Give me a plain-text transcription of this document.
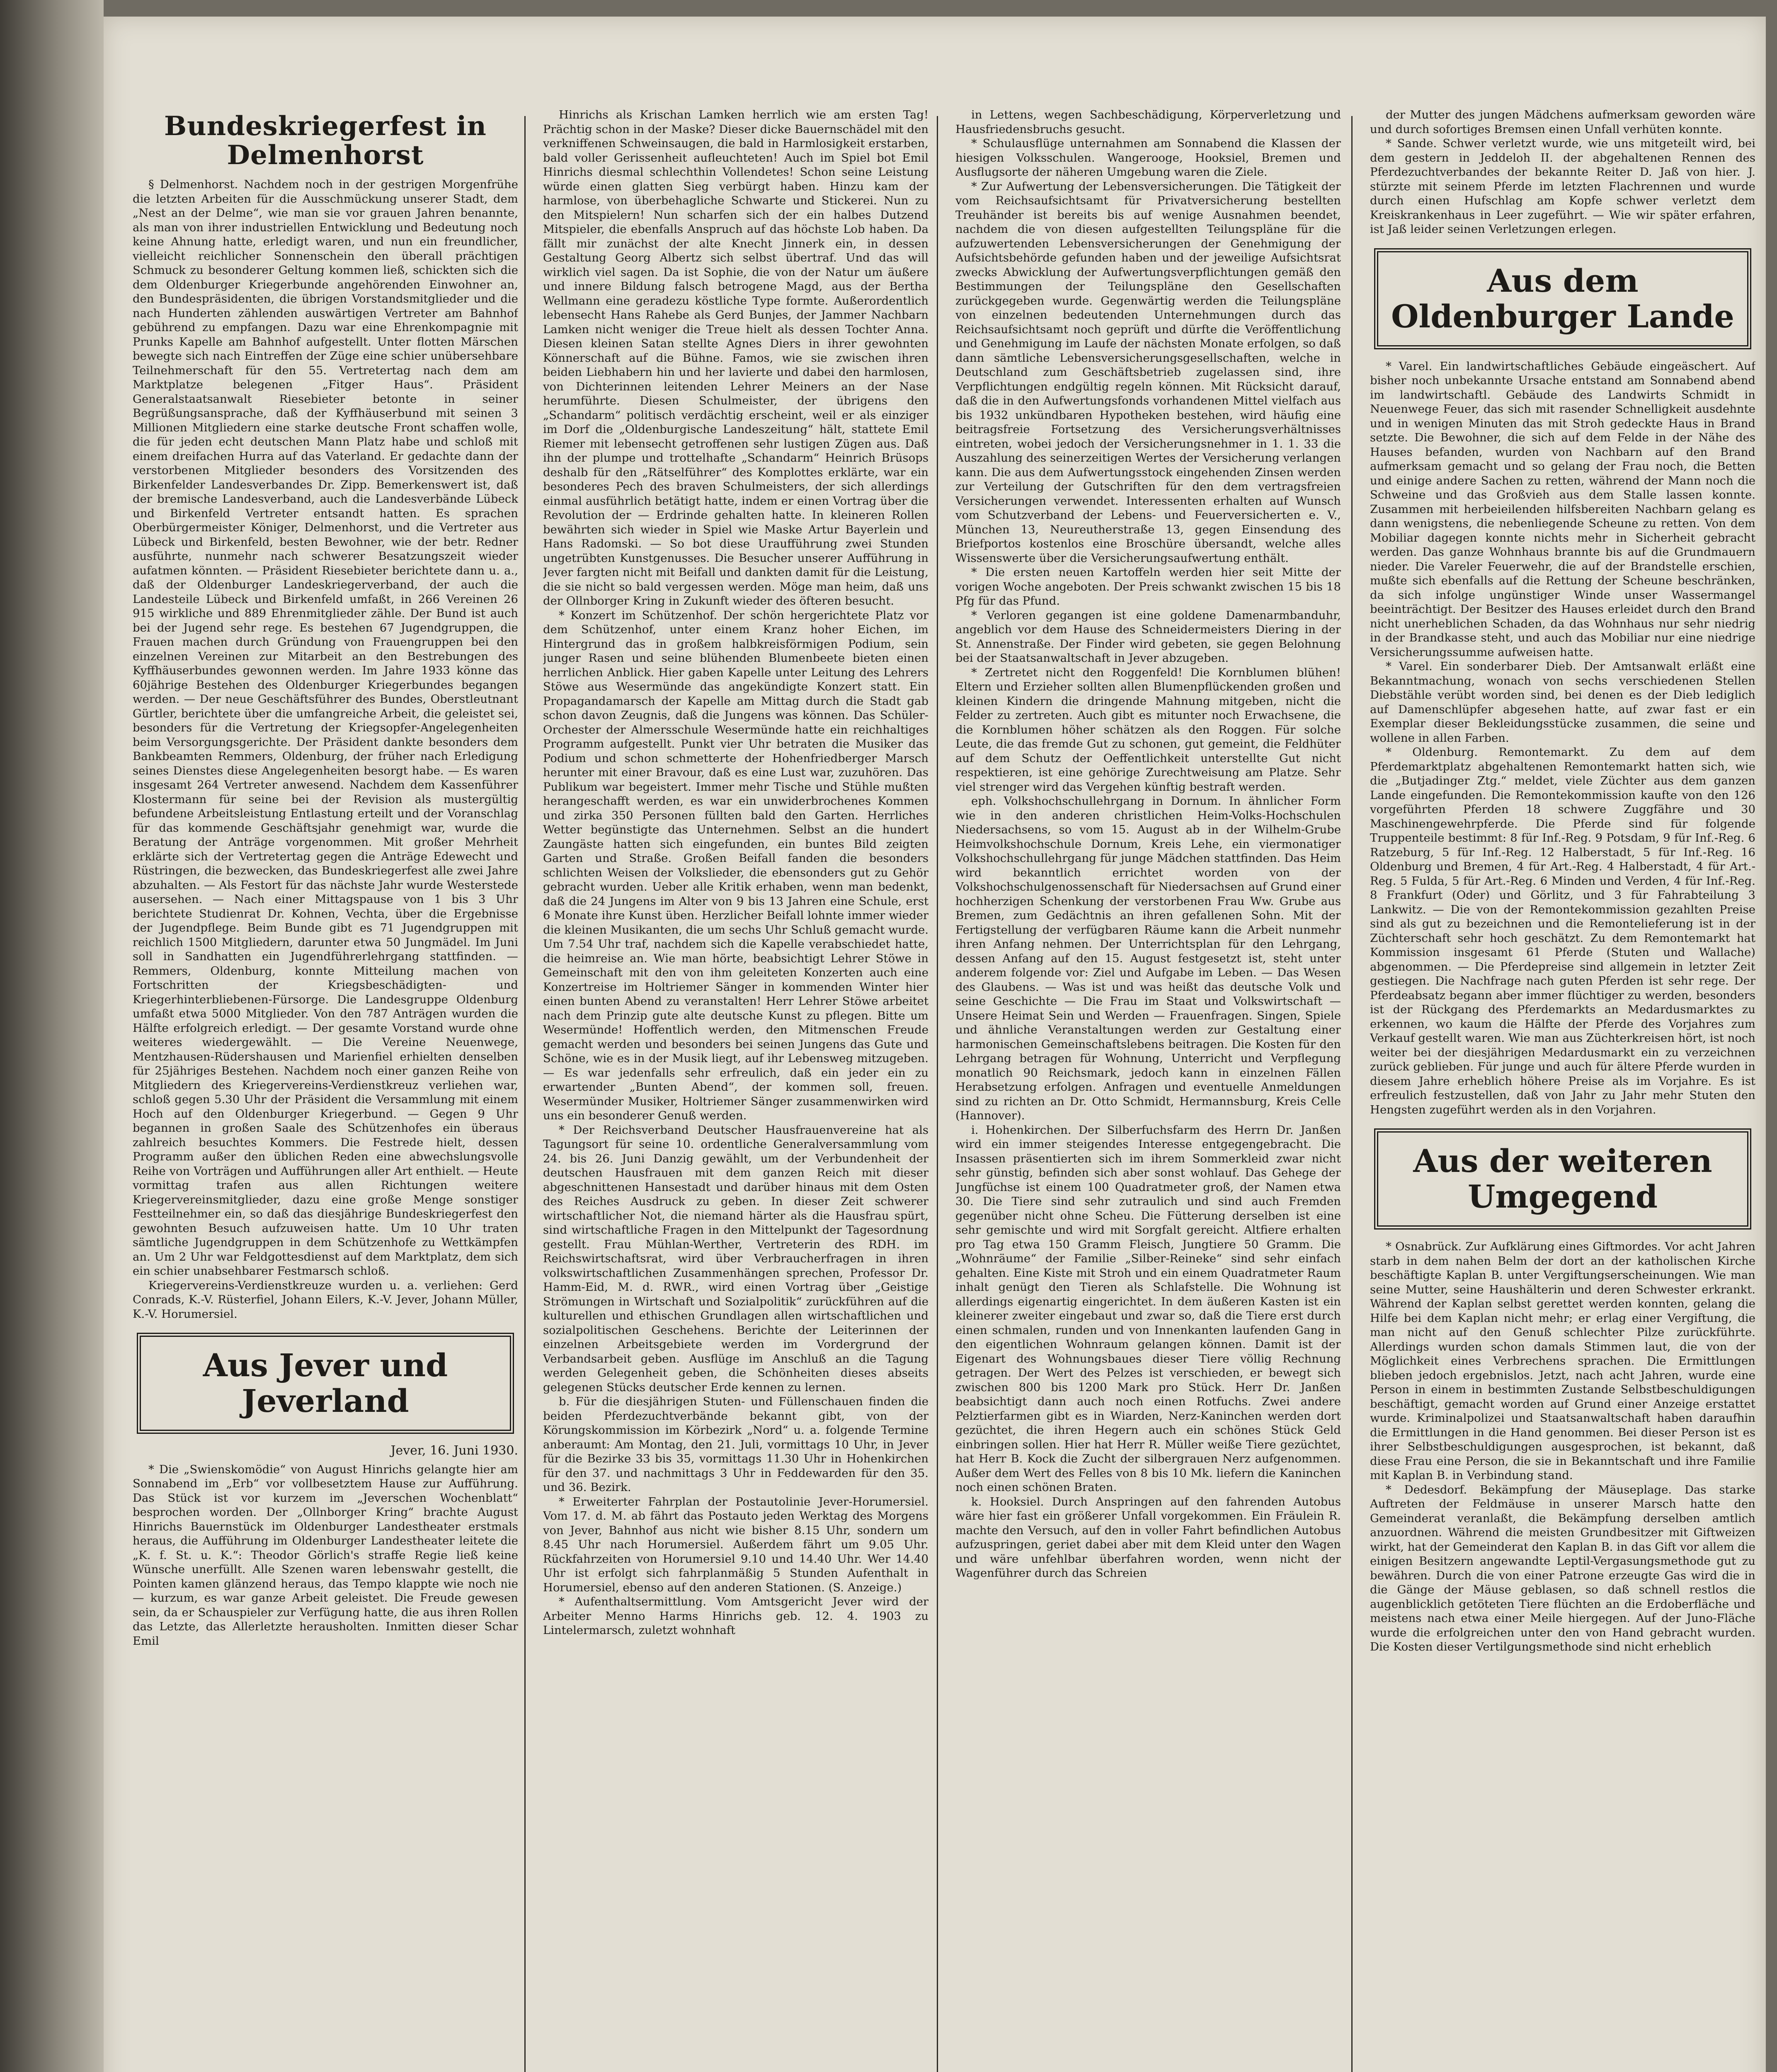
Bundeskriegerfest in Delmenhorst

§ Delmenhorst. Nachdem noch in der gestrigen Morgenfrühe die letzten Arbeiten für die Ausschmückung unserer Stadt, dem „Nest an der Delme“, wie man sie vor grauen Jahren benannte, als man von ihrer industriellen Entwicklung und Bedeutung noch keine Ahnung hatte, erledigt waren, und nun ein freundlicher, vielleicht reichlicher Sonnenschein den überall prächtigen Schmuck zu besonderer Geltung kommen ließ, schickten sich die dem Oldenburger Kriegerbunde angehörenden Einwohner an, den Bundespräsidenten, die übrigen Vorstandsmitglieder und die nach Hunderten zählenden auswärtigen Vertreter am Bahnhof gebührend zu empfangen. Dazu war eine Ehrenkompagnie mit Prunks Kapelle am Bahnhof aufgestellt. Unter flotten Märschen bewegte sich nach Eintreffen der Züge eine schier unübersehbare Teilnehmerschaft für den 55. Vertretertag nach dem am Marktplatze belegenen „Fitger Haus“. Präsident Generalstaatsanwalt Riesebieter betonte in seiner Begrüßungsansprache, daß der Kyffhäuserbund mit seinen 3 Millionen Mitgliedern eine starke deutsche Front schaffen wolle, die für jeden echt deutschen Mann Platz habe und schloß mit einem dreifachen Hurra auf das Vaterland. Er gedachte dann der verstorbenen Mitglieder besonders des Vorsitzenden des Birkenfelder Landesverbandes Dr. Zipp. Bemerkenswert ist, daß der bremische Landesverband, auch die Landesverbände Lübeck und Birkenfeld Vertreter entsandt hatten. Es sprachen Oberbürgermeister Königer, Delmenhorst, und die Vertreter aus Lübeck und Birkenfeld, besten Bewohner, wie der betr. Redner ausführte, nunmehr nach schwerer Besatzungszeit wieder aufatmen könnten. — Präsident Riesebieter berichtete dann u. a., daß der Oldenburger Landeskriegerverband, der auch die Landesteile Lübeck und Birkenfeld umfaßt, in 266 Vereinen 26 915 wirkliche und 889 Ehrenmitglieder zähle. Der Bund ist auch bei der Jugend sehr rege. Es bestehen 67 Jugendgruppen, die Frauen machen durch Gründung von Frauengruppen bei den einzelnen Vereinen zur Mitarbeit an den Bestrebungen des Kyffhäuserbundes gewonnen werden. Im Jahre 1933 könne das 60jährige Bestehen des Oldenburger Kriegerbundes begangen werden. — Der neue Geschäftsführer des Bundes, Oberstleutnant Gürtler, berichtete über die umfangreiche Arbeit, die geleistet sei, besonders für die Vertretung der Kriegsopfer-Angelegenheiten beim Versorgungsgerichte. Der Präsident dankte besonders dem Bankbeamten Remmers, Oldenburg, der früher nach Erledigung seines Dienstes diese Angelegenheiten besorgt habe. — Es waren insgesamt 264 Vertreter anwesend. Nachdem dem Kassenführer Klostermann für seine bei der Revision als mustergültig befundene Arbeitsleistung Entlastung erteilt und der Voranschlag für das kommende Geschäftsjahr genehmigt war, wurde die Beratung der Anträge vorgenommen. Mit großer Mehrheit erklärte sich der Vertretertag gegen die Anträge Edewecht und Rüstringen, die bezwecken, das Bundeskriegerfest alle zwei Jahre abzuhalten. — Als Festort für das nächste Jahr wurde Westerstede ausersehen. — Nach einer Mittagspause von 1 bis 3 Uhr berichtete Studienrat Dr. Kohnen, Vechta, über die Ergebnisse der Jugendpflege. Beim Bunde gibt es 71 Jugendgruppen mit reichlich 1500 Mitgliedern, darunter etwa 50 Jungmädel. Im Juni soll in Sandhatten ein Jugendführerlehrgang stattfinden. — Remmers, Oldenburg, konnte Mitteilung machen von Fortschritten der Kriegsbeschädigten- und Kriegerhinterbliebenen-Fürsorge. Die Landesgruppe Oldenburg umfaßt etwa 5000 Mitglieder. Von den 787 Anträgen wurden die Hälfte erfolgreich erledigt. — Der gesamte Vorstand wurde ohne weiteres wiedergewählt. — Die Vereine Neuenwege, Mentzhausen-Rüdershausen und Marienfiel erhielten denselben für 25jähriges Bestehen. Nachdem noch einer ganzen Reihe von Mitgliedern des Kriegervereins-Verdienstkreuz verliehen war, schloß gegen 5.30 Uhr der Präsident die Versammlung mit einem Hoch auf den Oldenburger Kriegerbund. — Gegen 9 Uhr begannen in großen Saale des Schützenhofes ein überaus zahlreich besuchtes Kommers. Die Festrede hielt, dessen Programm außer den üblichen Reden eine abwechslungsvolle Reihe von Vorträgen und Aufführungen aller Art enthielt. — Heute vormittag trafen aus allen Richtungen weitere Kriegervereinsmitglieder, dazu eine große Menge sonstiger Festteilnehmer ein, so daß das diesjährige Bundeskriegerfest den gewohnten Besuch aufzuweisen hatte. Um 10 Uhr traten sämtliche Jugendgruppen in dem Schützenhofe zu Wettkämpfen an. Um 2 Uhr war Feldgottesdienst auf dem Marktplatz, dem sich ein schier unabsehbarer Festmarsch schloß.

Kriegervereins-Verdienstkreuze wurden u. a. verliehen: Gerd Conrads, K.-V. Rüsterfiel, Johann Eilers, K.-V. Jever, Johann Müller, K.-V. Horumersiel.

Aus Jever und Jeverland
Jever, 16. Juni 1930.

* Die „Swienskomödie“ von August Hinrichs gelangte hier am Sonnabend im „Erb“ vor vollbesetztem Hause zur Aufführung. Das Stück ist vor kurzem im „Jeverschen Wochenblatt“ besprochen worden. Der „Ollnborger Kring“ brachte August Hinrichs Bauernstück im Oldenburger Landestheater erstmals heraus, die Aufführung im Oldenburger Landestheater leitete die „K. f. St. u. K.“: Theodor Görlich's straffe Regie ließ keine Wünsche unerfüllt. Alle Szenen waren lebenswahr gestellt, die Pointen kamen glänzend heraus, das Tempo klappte wie noch nie — kurzum, es war ganze Arbeit geleistet. Die Freude gewesen sein, da er Schauspieler zur Verfügung hatte, die aus ihren Rollen das Letzte, das Allerletzte herausholten. Inmitten dieser Schar Emil

Hinrichs als Krischan Lamken herrlich wie am ersten Tag! Prächtig schon in der Maske? Dieser dicke Bauernschädel mit den verkniffenen Schweinsaugen, die bald in Harmlosigkeit erstarben, bald voller Gerissenheit aufleuchteten! Auch im Spiel bot Emil Hinrichs diesmal schlechthin Vollendetes! Schon seine Leistung würde einen glatten Sieg verbürgt haben. Hinzu kam der harmlose, von überbehagliche Schwarte und Stickerei. Nun zu den Mitspielern! Nun scharfen sich der ein halbes Dutzend Mitspieler, die ebenfalls Anspruch auf das höchste Lob haben. Da fällt mir zunächst der alte Knecht Jinnerk ein, in dessen Gestaltung Georg Albertz sich selbst übertraf. Und das will wirklich viel sagen. Da ist Sophie, die von der Natur um äußere und innere Bildung falsch betrogene Magd, aus der Bertha Wellmann eine geradezu köstliche Type formte. Außerordentlich lebensecht Hans Rahebe als Gerd Bunjes, der Jammer Nachbarn Lamken nicht weniger die Treue hielt als dessen Tochter Anna. Diesen kleinen Satan stellte Agnes Diers in ihrer gewohnten Könnerschaft auf die Bühne. Famos, wie sie zwischen ihren beiden Liebhabern hin und her lavierte und dabei den harmlosen, von Dichterinnen leitenden Lehrer Meiners an der Nase herumführte. Diesen Schulmeister, der übrigens den „Schandarm“ politisch verdächtig erscheint, weil er als einziger im Dorf die „Oldenburgische Landeszeitung“ hält, stattete Emil Riemer mit lebensecht getroffenen sehr lustigen Zügen aus. Daß ihn der plumpe und trottelhafte „Schandarm“ Heinrich Brüsops deshalb für den „Rätselführer“ des Komplottes erklärte, war ein besonderes Pech des braven Schulmeisters, der sich allerdings einmal ausführlich betätigt hatte, indem er einen Vortrag über die Revolution der — Erdrinde gehalten hatte. In kleineren Rollen bewährten sich wieder in Spiel wie Maske Artur Bayerlein und Hans Radomski. — So bot diese Uraufführung zwei Stunden ungetrübten Kunstgenusses. Die Besucher unserer Aufführung in Jever fargten nicht mit Beifall und dankten damit für die Leistung, die sie nicht so bald vergessen werden. Möge man heim, daß uns der Ollnborger Kring in Zukunft wieder des öfteren besucht.

* Konzert im Schützenhof. Der schön hergerichtete Platz vor dem Schützenhof, unter einem Kranz hoher Eichen, im Hintergrund das in großem halbkreisförmigen Podium, sein junger Rasen und seine blühenden Blumenbeete bieten einen herrlichen Anblick. Hier gaben Kapelle unter Leitung des Lehrers Stöwe aus Wesermünde das angekündigte Konzert statt. Ein Propagandamarsch der Kapelle am Mittag durch die Stadt gab schon davon Zeugnis, daß die Jungens was können. Das Schüler-Orchester der Almersschule Wesermünde hatte ein reichhaltiges Programm aufgestellt. Punkt vier Uhr betraten die Musiker das Podium und schon schmetterte der Hohenfriedberger Marsch herunter mit einer Bravour, daß es eine Lust war, zuzuhören. Das Publikum war begeistert. Immer mehr Tische und Stühle mußten herangeschafft werden, es war ein unwiderbrochenes Kommen und zirka 350 Personen füllten bald den Garten. Herrliches Wetter begünstigte das Unternehmen. Selbst an die hundert Zaungäste hatten sich eingefunden, ein buntes Bild zeigten Garten und Straße. Großen Beifall fanden die besonders schlichten Weisen der Volkslieder, die ebensonders gut zu Gehör gebracht wurden. Ueber alle Kritik erhaben, wenn man bedenkt, daß die 24 Jungens im Alter von 9 bis 13 Jahren eine Schule, erst 6 Monate ihre Kunst üben. Herzlicher Beifall lohnte immer wieder die kleinen Musikanten, die um sechs Uhr Schluß gemacht wurde. Um 7.54 Uhr traf, nachdem sich die Kapelle verabschiedet hatte, die heimreise an. Wie man hörte, beabsichtigt Lehrer Stöwe in Gemeinschaft mit den von ihm geleiteten Konzerten auch eine Konzertreise im Holtriemer Sänger in kommenden Winter hier einen bunten Abend zu veranstalten! Herr Lehrer Stöwe arbeitet nach dem Prinzip gute alte deutsche Kunst zu pflegen. Bitte um Wesermünde! Hoffentlich werden, den Mitmenschen Freude gemacht werden und besonders bei seinen Jungens das Gute und Schöne, wie es in der Musik liegt, auf ihr Lebensweg mitzugeben. — Es war jedenfalls sehr erfreulich, daß ein jeder ein zu erwartender „Bunten Abend“, der kommen soll, freuen. Wesermünder Musiker, Holtriemer Sänger zusammenwirken wird uns ein besonderer Genuß werden.

* Der Reichsverband Deutscher Hausfrauenvereine hat als Tagungsort für seine 10. ordentliche Generalversammlung vom 24. bis 26. Juni Danzig gewählt, um der Verbundenheit der deutschen Hausfrauen mit dem ganzen Reich mit dieser abgeschnittenen Hansestadt und darüber hinaus mit dem Osten des Reiches Ausdruck zu geben. In dieser Zeit schwerer wirtschaftlicher Not, die niemand härter als die Hausfrau spürt, sind wirtschaftliche Fragen in den Mittelpunkt der Tagesordnung gestellt. Frau Mühlan-Werther, Vertreterin des RDH. im Reichswirtschaftsrat, wird über Verbraucherfragen in ihren volkswirtschaftlichen Zusammenhängen sprechen, Professor Dr. Hamm-Eid, M. d. RWR., wird einen Vortrag über „Geistige Strömungen in Wirtschaft und Sozialpolitik“ zurückführen auf die kulturellen und ethischen Grundlagen allen wirtschaftlichen und sozialpolitischen Geschehens. Berichte der Leiterinnen der einzelnen Arbeitsgebiete werden im Vordergrund der Verbandsarbeit geben. Ausflüge im Anschluß an die Tagung werden Gelegenheit geben, die Schönheiten dieses abseits gelegenen Stücks deutscher Erde kennen zu lernen.

b. Für die diesjährigen Stuten- und Füllenschauen finden die beiden Pferdezuchtverbände bekannt gibt, von der Körungskommission im Körbezirk „Nord“ u. a. folgende Termine anberaumt: Am Montag, den 21. Juli, vormittags 10 Uhr, in Jever für die Bezirke 33 bis 35, vormittags 11.30 Uhr in Hohenkirchen für den 37. und nachmittags 3 Uhr in Feddewarden für den 35. und 36. Bezirk.

* Erweiterter Fahrplan der Postautolinie Jever-Horumersiel. Vom 17. d. M. ab fährt das Postauto jeden Werktag des Morgens von Jever, Bahnhof aus nicht wie bisher 8.15 Uhr, sondern um 8.45 Uhr nach Horumersiel. Außerdem fährt um 9.05 Uhr. Rückfahrzeiten von Horumersiel 9.10 und 14.40 Uhr. Wer 14.40 Uhr ist erfolgt sich fahrplanmäßig 5 Stunden Aufenthalt in Horumersiel, ebenso auf den anderen Stationen. (S. Anzeige.)

* Aufenthaltsermittlung. Vom Amtsgericht Jever wird der Arbeiter Menno Harms Hinrichs geb. 12. 4. 1903 zu Lintelermarsch, zuletzt wohnhaft

in Lettens, wegen Sachbeschädigung, Körperverletzung und Hausfriedensbruchs gesucht.

* Schulausflüge unternahmen am Sonnabend die Klassen der hiesigen Volksschulen. Wangerooge, Hooksiel, Bremen und Ausflugsorte der näheren Umgebung waren die Ziele.

* Zur Aufwertung der Lebensversicherungen. Die Tätigkeit der vom Reichsaufsichtsamt für Privatversicherung bestellten Treuhänder ist bereits bis auf wenige Ausnahmen beendet, nachdem die von diesen aufgestellten Teilungspläne für die aufzuwertenden Lebensversicherungen der Genehmigung der Aufsichtsbehörde gefunden haben und der jeweilige Aufsichtsrat zwecks Abwicklung der Aufwertungsverpflichtungen gemäß den Bestimmungen der Teilungspläne den Gesellschaften zurückgegeben wurde. Gegenwärtig werden die Teilungspläne von einzelnen bedeutenden Unternehmungen durch das Reichsaufsichtsamt noch geprüft und dürfte die Veröffentlichung und Genehmigung im Laufe der nächsten Monate erfolgen, so daß dann sämtliche Lebensversicherungsgesellschaften, welche in Deutschland zum Geschäftsbetrieb zugelassen sind, ihre Verpflichtungen endgültig regeln können. Mit Rücksicht darauf, daß die in den Aufwertungsfonds vorhandenen Mittel vielfach aus bis 1932 unkündbaren Hypotheken bestehen, wird häufig eine beitragsfreie Fortsetzung des Versicherungsverhältnisses eintreten, wobei jedoch der Versicherungsnehmer in 1. 1. 33 die Auszahlung des seinerzeitigen Wertes der Versicherung verlangen kann. Die aus dem Aufwertungsstock eingehenden Zinsen werden zur Verteilung der Gutschriften für den dem vertragsfreien Versicherungen verwendet. Interessenten erhalten auf Wunsch vom Schutzverband der Lebens- und Feuerversicherten e. V., München 13, Neureutherstraße 13, gegen Einsendung des Briefportos kostenlos eine Broschüre übersandt, welche alles Wissenswerte über die Versicherungsaufwertung enthält.

* Die ersten neuen Kartoffeln werden hier seit Mitte der vorigen Woche angeboten. Der Preis schwankt zwischen 15 bis 18 Pfg für das Pfund.

* Verloren gegangen ist eine goldene Damenarmbanduhr, angeblich vor dem Hause des Schneidermeisters Diering in der St. Annenstraße. Der Finder wird gebeten, sie gegen Belohnung bei der Staatsanwaltschaft in Jever abzugeben.

* Zertretet nicht den Roggenfeld! Die Kornblumen blühen! Eltern und Erzieher sollten allen Blumenpflückenden großen und kleinen Kindern die dringende Mahnung mitgeben, nicht die Felder zu zertreten. Auch gibt es mitunter noch Erwachsene, die die Kornblumen höher schätzen als den Roggen. Für solche Leute, die das fremde Gut zu schonen, gut gemeint, die Feldhüter auf dem Schutz der Oeffentlichkeit unterstellte Gut nicht respektieren, ist eine gehörige Zurechtweisung am Platze. Sehr viel strenger wird das Vergehen künftig bestraft werden.

eph. Volkshochschullehrgang in Dornum. In ähnlicher Form wie in den anderen christlichen Heim-Volks-Hochschulen Niedersachsens, so vom 15. August ab in der Wilhelm-Grube Heimvolkshochschule Dornum, Kreis Lehe, ein viermonatiger Volkshochschullehrgang für junge Mädchen stattfinden. Das Heim wird bekanntlich errichtet worden von der Volkshochschulgenossenschaft für Niedersachsen auf Grund einer hochherzigen Schenkung der verstorbenen Frau Ww. Grube aus Bremen, zum Gedächtnis an ihren gefallenen Sohn. Mit der Fertigstellung der verfügbaren Räume kann die Arbeit nunmehr ihren Anfang nehmen. Der Unterrichtsplan für den Lehrgang, dessen Anfang auf den 15. August festgesetzt ist, steht unter anderem folgende vor: Ziel und Aufgabe im Leben. — Das Wesen des Glaubens. — Was ist und was heißt das deutsche Volk und seine Geschichte — Die Frau im Staat und Volkswirtschaft — Unsere Heimat Sein und Werden — Frauenfragen. Singen, Spiele und ähnliche Veranstaltungen werden zur Gestaltung einer harmonischen Gemeinschaftslebens beitragen. Die Kosten für den Lehrgang betragen für Wohnung, Unterricht und Verpflegung monatlich 90 Reichsmark, jedoch kann in einzelnen Fällen Herabsetzung erfolgen. Anfragen und eventuelle Anmeldungen sind zu richten an Dr. Otto Schmidt, Hermannsburg, Kreis Celle (Hannover).

i. Hohenkirchen. Der Silberfuchsfarm des Herrn Dr. Janßen wird ein immer steigendes Interesse entgegengebracht. Die Insassen präsentierten sich im ihrem Sommerkleid zwar nicht sehr günstig, befinden sich aber sonst wohlauf. Das Gehege der Jungfüchse ist einem 100 Quadratmeter groß, der Namen etwa 30. Die Tiere sind sehr zutraulich und sind auch Fremden gegenüber nicht ohne Scheu. Die Fütterung derselben ist eine sehr gemischte und wird mit Sorgfalt gereicht. Altfiere erhalten pro Tag etwa 150 Gramm Fleisch, Jungtiere 50 Gramm. Die „Wohnräume“ der Familie „Silber-Reineke“ sind sehr einfach gehalten. Eine Kiste mit Stroh und ein einem Quadratmeter Raum inhalt genügt den Tieren als Schlafstelle. Die Wohnung ist allerdings eigenartig eingerichtet. In dem äußeren Kasten ist ein kleinerer zweiter eingebaut und zwar so, daß die Tiere erst durch einen schmalen, runden und von Innenkanten laufenden Gang in den eigentlichen Wohnraum gelangen können. Damit ist der Eigenart des Wohnungsbaues dieser Tiere völlig Rechnung getragen. Der Wert des Pelzes ist verschieden, er bewegt sich zwischen 800 bis 1200 Mark pro Stück. Herr Dr. Janßen beabsichtigt dann auch noch einen Rotfuchs. Zwei andere Pelztierfarmen gibt es in Wiarden, Nerz-Kaninchen werden dort gezüchtet, die ihren Hegern auch ein schönes Stück Geld einbringen sollen. Hier hat Herr R. Müller weiße Tiere gezüchtet, hat Herr B. Kock die Zucht der silbergrauen Nerz aufgenommen. Außer dem Wert des Felles von 8 bis 10 Mk. liefern die Kaninchen noch einen schönen Braten.

k. Hooksiel. Durch Anspringen auf den fahrenden Autobus wäre hier fast ein größerer Unfall vorgekommen. Ein Fräulein R. machte den Versuch, auf den in voller Fahrt befindlichen Autobus aufzuspringen, geriet dabei aber mit dem Kleid unter den Wagen und wäre unfehlbar überfahren worden, wenn nicht der Wagenführer durch das Schreien

der Mutter des jungen Mädchens aufmerksam geworden wäre und durch sofortiges Bremsen einen Unfall verhüten konnte.

* Sande. Schwer verletzt wurde, wie uns mitgeteilt wird, bei dem gestern in Jeddeloh II. der abgehaltenen Rennen des Pferdezuchtverbandes der bekannte Reiter D. Jaß von hier. J. stürzte mit seinem Pferde im letzten Flachrennen und wurde durch einen Hufschlag am Kopfe schwer verletzt dem Kreiskrankenhaus in Leer zugeführt. — Wie wir später erfahren, ist Jaß leider seinen Verletzungen erlegen.

Aus dem Oldenburger Lande

* Varel. Ein landwirtschaftliches Gebäude eingeäschert. Auf bisher noch unbekannte Ursache entstand am Sonnabend abend im landwirtschaftl. Gebäude des Landwirts Schmidt in Neuenwege Feuer, das sich mit rasender Schnelligkeit ausdehnte und in wenigen Minuten das mit Stroh gedeckte Haus in Brand setzte. Die Bewohner, die sich auf dem Felde in der Nähe des Hauses befanden, wurden von Nachbarn auf den Brand aufmerksam gemacht und so gelang der Frau noch, die Betten und einige andere Sachen zu retten, während der Mann noch die Schweine und das Großvieh aus dem Stalle lassen konnte. Zusammen mit herbeieilenden hilfsbereiten Nachbarn gelang es dann wenigstens, die nebenliegende Scheune zu retten. Von dem Mobiliar dagegen konnte nichts mehr in Sicherheit gebracht werden. Das ganze Wohnhaus brannte bis auf die Grundmauern nieder. Die Vareler Feuerwehr, die auf der Brandstelle erschien, mußte sich ebenfalls auf die Rettung der Scheune beschränken, da sich infolge ungünstiger Winde unser Wassermangel beeinträchtigt. Der Besitzer des Hauses erleidet durch den Brand nicht unerheblichen Schaden, da das Wohnhaus nur sehr niedrig in der Brandkasse steht, und auch das Mobiliar nur eine niedrige Versicherungssumme aufweisen hatte.

* Varel. Ein sonderbarer Dieb. Der Amtsanwalt erläßt eine Bekanntmachung, wonach von sechs verschiedenen Stellen Diebstähle verübt worden sind, bei denen es der Dieb lediglich auf Damenschlüpfer abgesehen hatte, auf zwar fast er ein Exemplar dieser Bekleidungsstücke zusammen, die seine und wollene in allen Farben.

* Oldenburg. Remontemarkt. Zu dem auf dem Pferdemarktplatz abgehaltenen Remontemarkt hatten sich, wie die „Butjadinger Ztg.“ meldet, viele Züchter aus dem ganzen Lande eingefunden. Die Remontekommission kaufte von den 126 vorgeführten Pferden 18 schwere Zuggfähre und 30 Maschinengewehrpferde. Die Pferde sind für folgende Truppenteile bestimmt: 8 für Inf.-Reg. 9 Potsdam, 9 für Inf.-Reg. 6 Ratzeburg, 5 für Inf.-Reg. 12 Halberstadt, 5 für Inf.-Reg. 16 Oldenburg und Bremen, 4 für Art.-Reg. 4 Halberstadt, 4 für Art.-Reg. 5 Fulda, 5 für Art.-Reg. 6 Minden und Verden, 4 für Inf.-Reg. 8 Frankfurt (Oder) und Görlitz, und 3 für Fahrabteilung 3 Lankwitz. — Die von der Remontekommission gezahlten Preise sind als gut zu bezeichnen und die Remontelieferung ist in der Züchterschaft sehr hoch geschätzt. Zu dem Remontemarkt hat Kommission insgesamt 61 Pferde (Stuten und Wallache) abgenommen. — Die Pferdepreise sind allgemein in letzter Zeit gestiegen. Die Nachfrage nach guten Pferden ist sehr rege. Der Pferdeabsatz begann aber immer flüchtiger zu werden, besonders ist der Rückgang des Pferdemarkts an Medardusmarktes zu erkennen, wo kaum die Hälfte der Pferde des Vorjahres zum Verkauf gestellt waren. Wie man aus Züchterkreisen hört, ist noch weiter bei der diesjährigen Medardusmarkt ein zu verzeichnen zurück geblieben. Für junge und auch für ältere Pferde wurden in diesem Jahre erheblich höhere Preise als im Vorjahre. Es ist erfreulich festzustellen, daß von Jahr zu Jahr mehr Stuten den Hengsten zugeführt werden als in den Vorjahren.

Aus der weiteren Umgegend

* Osnabrück. Zur Aufklärung eines Giftmordes. Vor acht Jahren starb in dem nahen Belm der dort an der katholischen Kirche beschäftigte Kaplan B. unter Vergiftungserscheinungen. Wie man seine Mutter, seine Haushälterin und deren Schwester erkrankt. Während der Kaplan selbst gerettet werden konnten, gelang die Hilfe bei dem Kaplan nicht mehr; er erlag einer Vergiftung, die man nicht auf den Genuß schlechter Pilze zurückführte. Allerdings wurden schon damals Stimmen laut, die von der Möglichkeit eines Verbrechens sprachen. Die Ermittlungen blieben jedoch ergebnislos. Jetzt, nach acht Jahren, wurde eine Person in einem in bestimmten Zustande Selbstbeschuldigungen beschäftigt, gemacht worden auf Grund einer Anzeige erstattet wurde. Kriminalpolizei und Staatsanwaltschaft haben daraufhin die Ermittlungen in die Hand genommen. Bei dieser Person ist es ihrer Selbstbeschuldigungen ausgesprochen, ist bekannt, daß diese Frau eine Person, die sie in Bekanntschaft und ihre Familie mit Kaplan B. in Verbindung stand.

* Dedesdorf. Bekämpfung der Mäuseplage. Das starke Auftreten der Feldmäuse in unserer Marsch hatte den Gemeinderat veranlaßt, die Bekämpfung derselben amtlich anzuordnen. Während die meisten Grundbesitzer mit Giftweizen wirkt, hat der Gemeinderat den Kaplan B. in das Gift vor allem die einigen Besitzern angewandte Leptil-Vergasungsmethode gut zu bewähren. Durch die von einer Patrone erzeugte Gas wird die in die Gänge der Mäuse geblasen, so daß schnell restlos die augenblicklich getöteten Tiere flüchten an die Erdoberfläche und meistens nach etwa einer Meile hiergegen. Auf der Juno-Fläche wurde die erfolgreichen unter den von Hand gebracht wurden. Die Kosten dieser Vertilgungsmethode sind nicht erheblich
